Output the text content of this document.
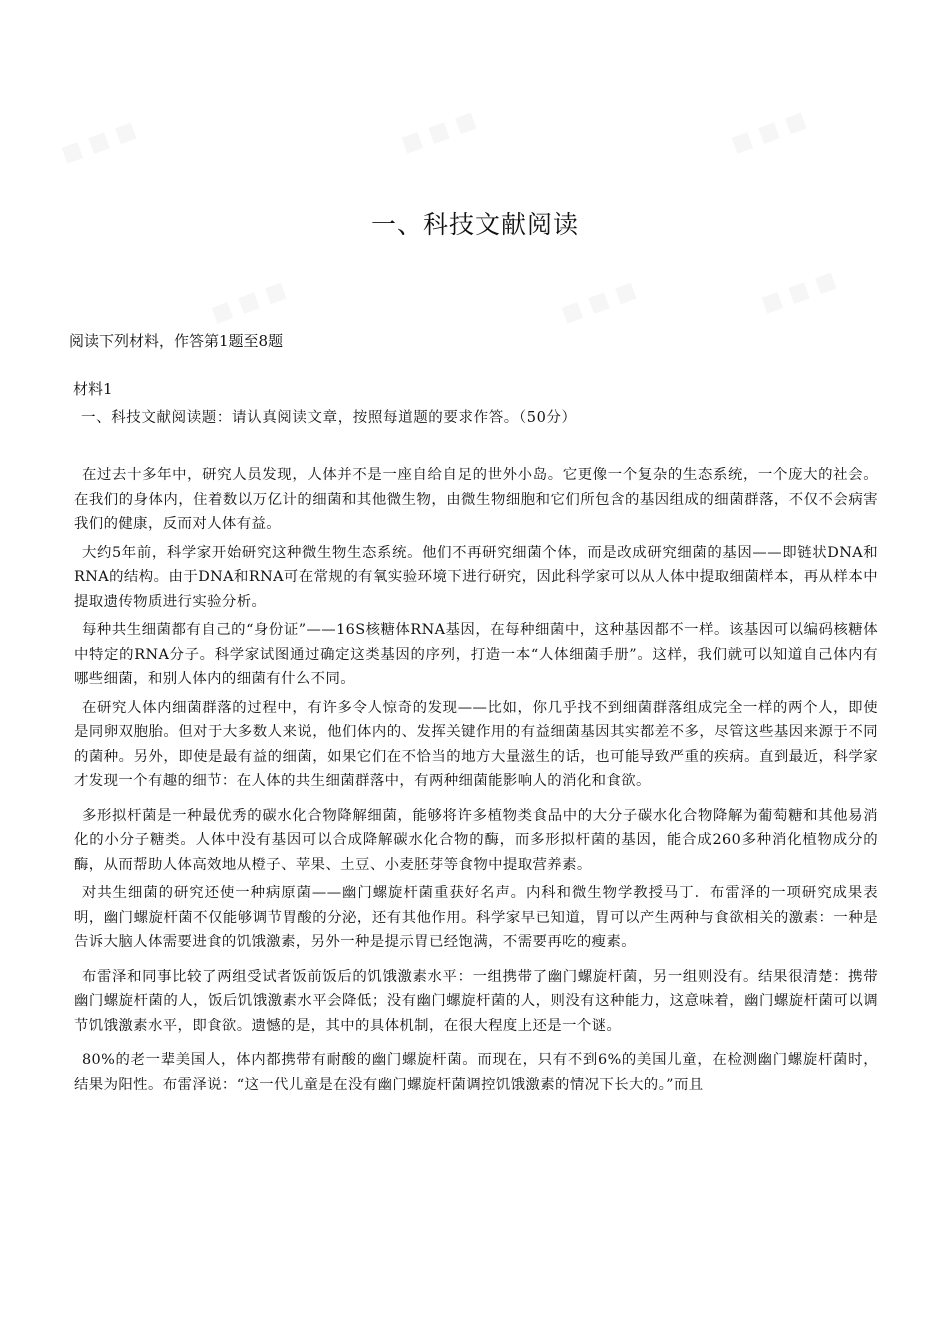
一、科技文献阅读

阅读下列材料，作答第1题至8题

材料1

一、科技文献阅读题：请认真阅读文章，按照每道题的要求作答。（50分）

在过去十多年中，研究人员发现，人体并不是一座自给自足的世外小岛。它更像一个复杂的生态系统，一个庞大的社会。在我们的身体内，住着数以万亿计的细菌和其他微生物，由微生物细胞和它们所包含的基因组成的细菌群落，不仅不会病害我们的健康，反而对人体有益。

大约5年前，科学家开始研究这种微生物生态系统。他们不再研究细菌个体，而是改成研究细菌的基因——即链状DNA和RNA的结构。由于DNA和RNA可在常规的有氧实验环境下进行研究，因此科学家可以从人体中提取细菌样本，再从样本中提取遗传物质进行实验分析。

每种共生细菌都有自己的“身份证”——16S核糖体RNA基因，在每种细菌中，这种基因都不一样。该基因可以编码核糖体中特定的RNA分子。科学家试图通过确定这类基因的序列，打造一本“人体细菌手册”。这样，我们就可以知道自己体内有哪些细菌，和别人体内的细菌有什么不同。

在研究人体内细菌群落的过程中，有许多令人惊奇的发现——比如，你几乎找不到细菌群落组成完全一样的两个人，即使是同卵双胞胎。但对于大多数人来说，他们体内的、发挥关键作用的有益细菌基因其实都差不多，尽管这些基因来源于不同的菌种。另外，即使是最有益的细菌，如果它们在不恰当的地方大量滋生的话，也可能导致严重的疾病。直到最近，科学家才发现一个有趣的细节：在人体的共生细菌群落中，有两种细菌能影响人的消化和食欲。

多形拟杆菌是一种最优秀的碳水化合物降解细菌，能够将许多植物类食品中的大分子碳水化合物降解为葡萄糖和其他易消化的小分子糖类。人体中没有基因可以合成降解碳水化合物的酶，而多形拟杆菌的基因，能合成260多种消化植物成分的酶，从而帮助人体高效地从橙子、苹果、土豆、小麦胚芽等食物中提取营养素。

对共生细菌的研究还使一种病原菌——幽门螺旋杆菌重获好名声。内科和微生物学教授马丁．布雷泽的一项研究成果表明，幽门螺旋杆菌不仅能够调节胃酸的分泌，还有其他作用。科学家早已知道，胃可以产生两种与食欲相关的激素：一种是告诉大脑人体需要进食的饥饿激素，另外一种是提示胃已经饱满，不需要再吃的瘦素。

布雷泽和同事比较了两组受试者饭前饭后的饥饿激素水平：一组携带了幽门螺旋杆菌，另一组则没有。结果很清楚：携带幽门螺旋杆菌的人，饭后饥饿激素水平会降低；没有幽门螺旋杆菌的人，则没有这种能力，这意味着，幽门螺旋杆菌可以调节饥饿激素水平，即食欲。遗憾的是，其中的具体机制，在很大程度上还是一个谜。

80%的老一辈美国人，体内都携带有耐酸的幽门螺旋杆菌。而现在，只有不到6%的美国儿童，在检测幽门螺旋杆菌时，结果为阳性。布雷泽说：“这一代儿童是在没有幽门螺旋杆菌调控饥饿激素的情况下长大的。”而且
